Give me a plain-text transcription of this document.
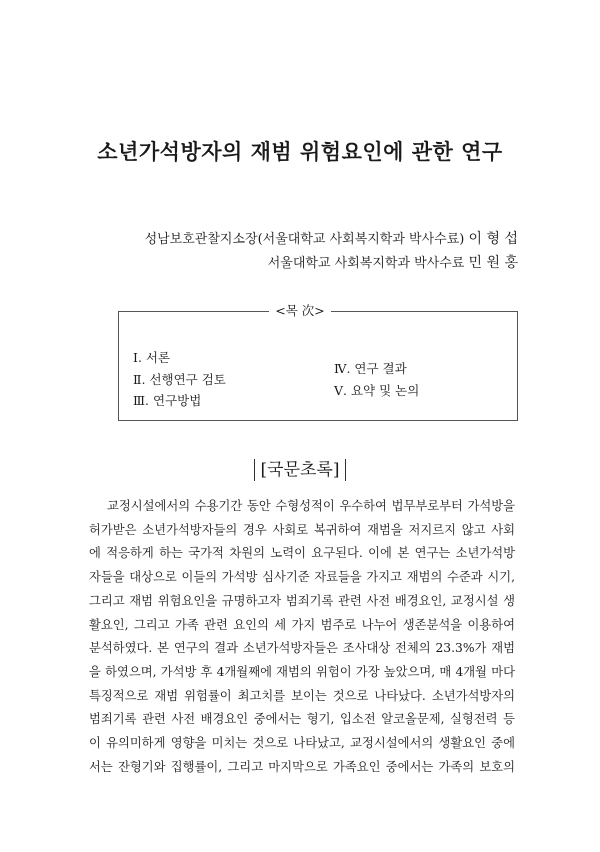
소년가석방자의 재범 위험요인에 관한 연구
성남보호관찰지소장(서울대학교 사회복지학과 박사수료) 이 형 섭
서울대학교 사회복지학과 박사수료 민 원 홍
<목 次>
Ⅰ. 서론
Ⅱ. 선행연구 검토
Ⅲ. 연구방법
Ⅳ. 연구 결과
Ⅴ. 요약 및 논의
[국문초록]
교정시설에서의 수용기간 동안 수형성적이 우수하여 법무부로부터 가석방을
허가받은 소년가석방자들의 경우 사회로 복귀하여 재범을 저지르지 않고 사회
에 적응하게 하는 국가적 차원의 노력이 요구된다. 이에 본 연구는 소년가석방
자들을 대상으로 이들의 가석방 심사기준 자료들을 가지고 재범의 수준과 시기,
그리고 재범 위험요인을 규명하고자 범죄기록 관련 사전 배경요인, 교정시설 생
활요인, 그리고 가족 관련 요인의 세 가지 범주로 나누어 생존분석을 이용하여
분석하였다. 본 연구의 결과 소년가석방자들은 조사대상 전체의 23.3%가 재범
을 하였으며, 가석방 후 4개월째에 재범의 위험이 가장 높았으며, 매 4개월 마다
특징적으로 재범 위험률이 최고치를 보이는 것으로 나타났다. 소년가석방자의
범죄기록 관련 사전 배경요인 중에서는 형기, 입소전 알코올문제, 실형전력 등
이 유의미하게 영향을 미치는 것으로 나타났고, 교정시설에서의 생활요인 중에
서는 잔형기와 집행률이, 그리고 마지막으로 가족요인 중에서는 가족의 보호의
